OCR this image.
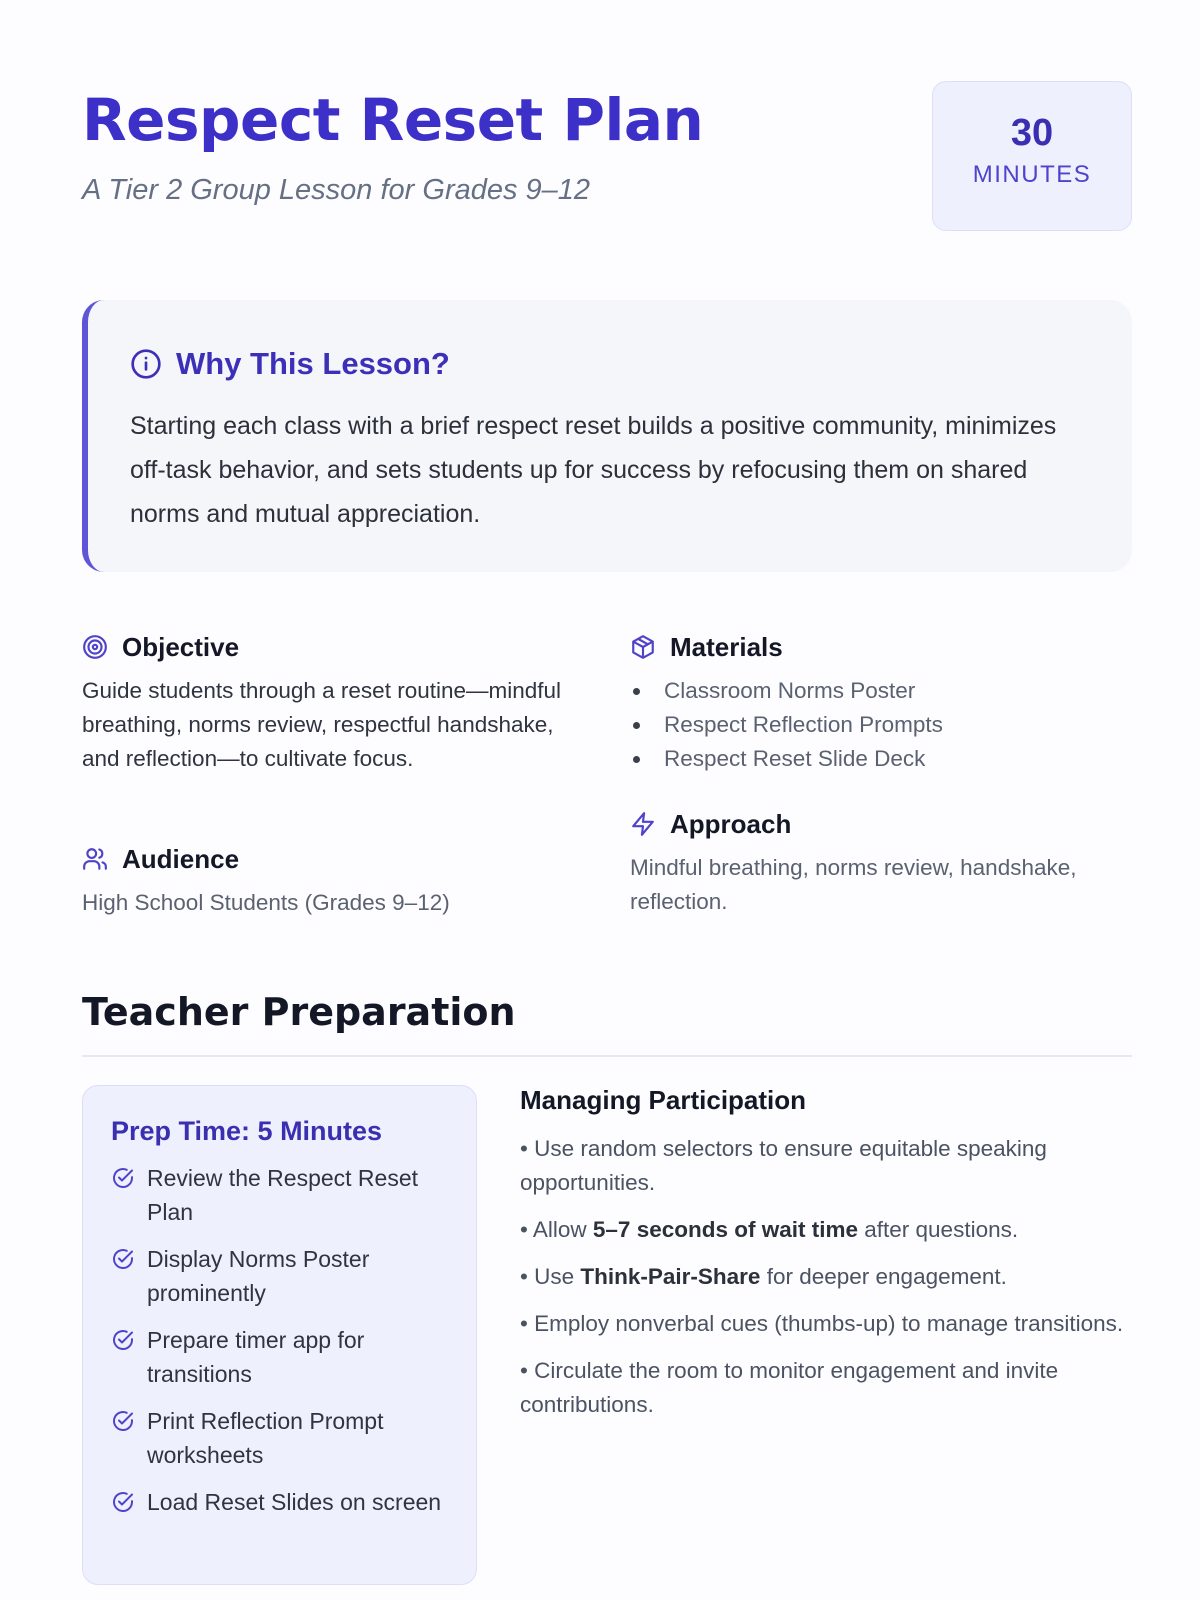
Respect Reset Plan
A Tier 2 Group Lesson for Grades 9–12
30
MINUTES
Why This Lesson?

Starting each class with a brief respect reset builds a positive community, minimizes off-task behavior, and sets students up for success by refocusing them on shared norms and mutual appreciation.

Objective

Guide students through a reset routine—mindful breathing, norms review, respectful handshake, and reflection—to cultivate focus.

Audience

High School Students (Grades 9–12)

Materials
Classroom Norms Poster
Respect Reflection Prompts
Respect Reset Slide Deck
Approach

Mindful breathing, norms review, handshake, reflection.

Teacher Preparation
Prep Time: 5 Minutes
Review the Respect Reset Plan
Display Norms Poster prominently
Prepare timer app for transitions
Print Reflection Prompt worksheets
Load Reset Slides on screen
Managing Participation
• Use random selectors to ensure equitable speaking opportunities.
• Allow 5–7 seconds of wait time after questions.
• Use Think-Pair-Share for deeper engagement.
• Employ nonverbal cues (thumbs-up) to manage transitions.
• Circulate the room to monitor engagement and invite contributions.
